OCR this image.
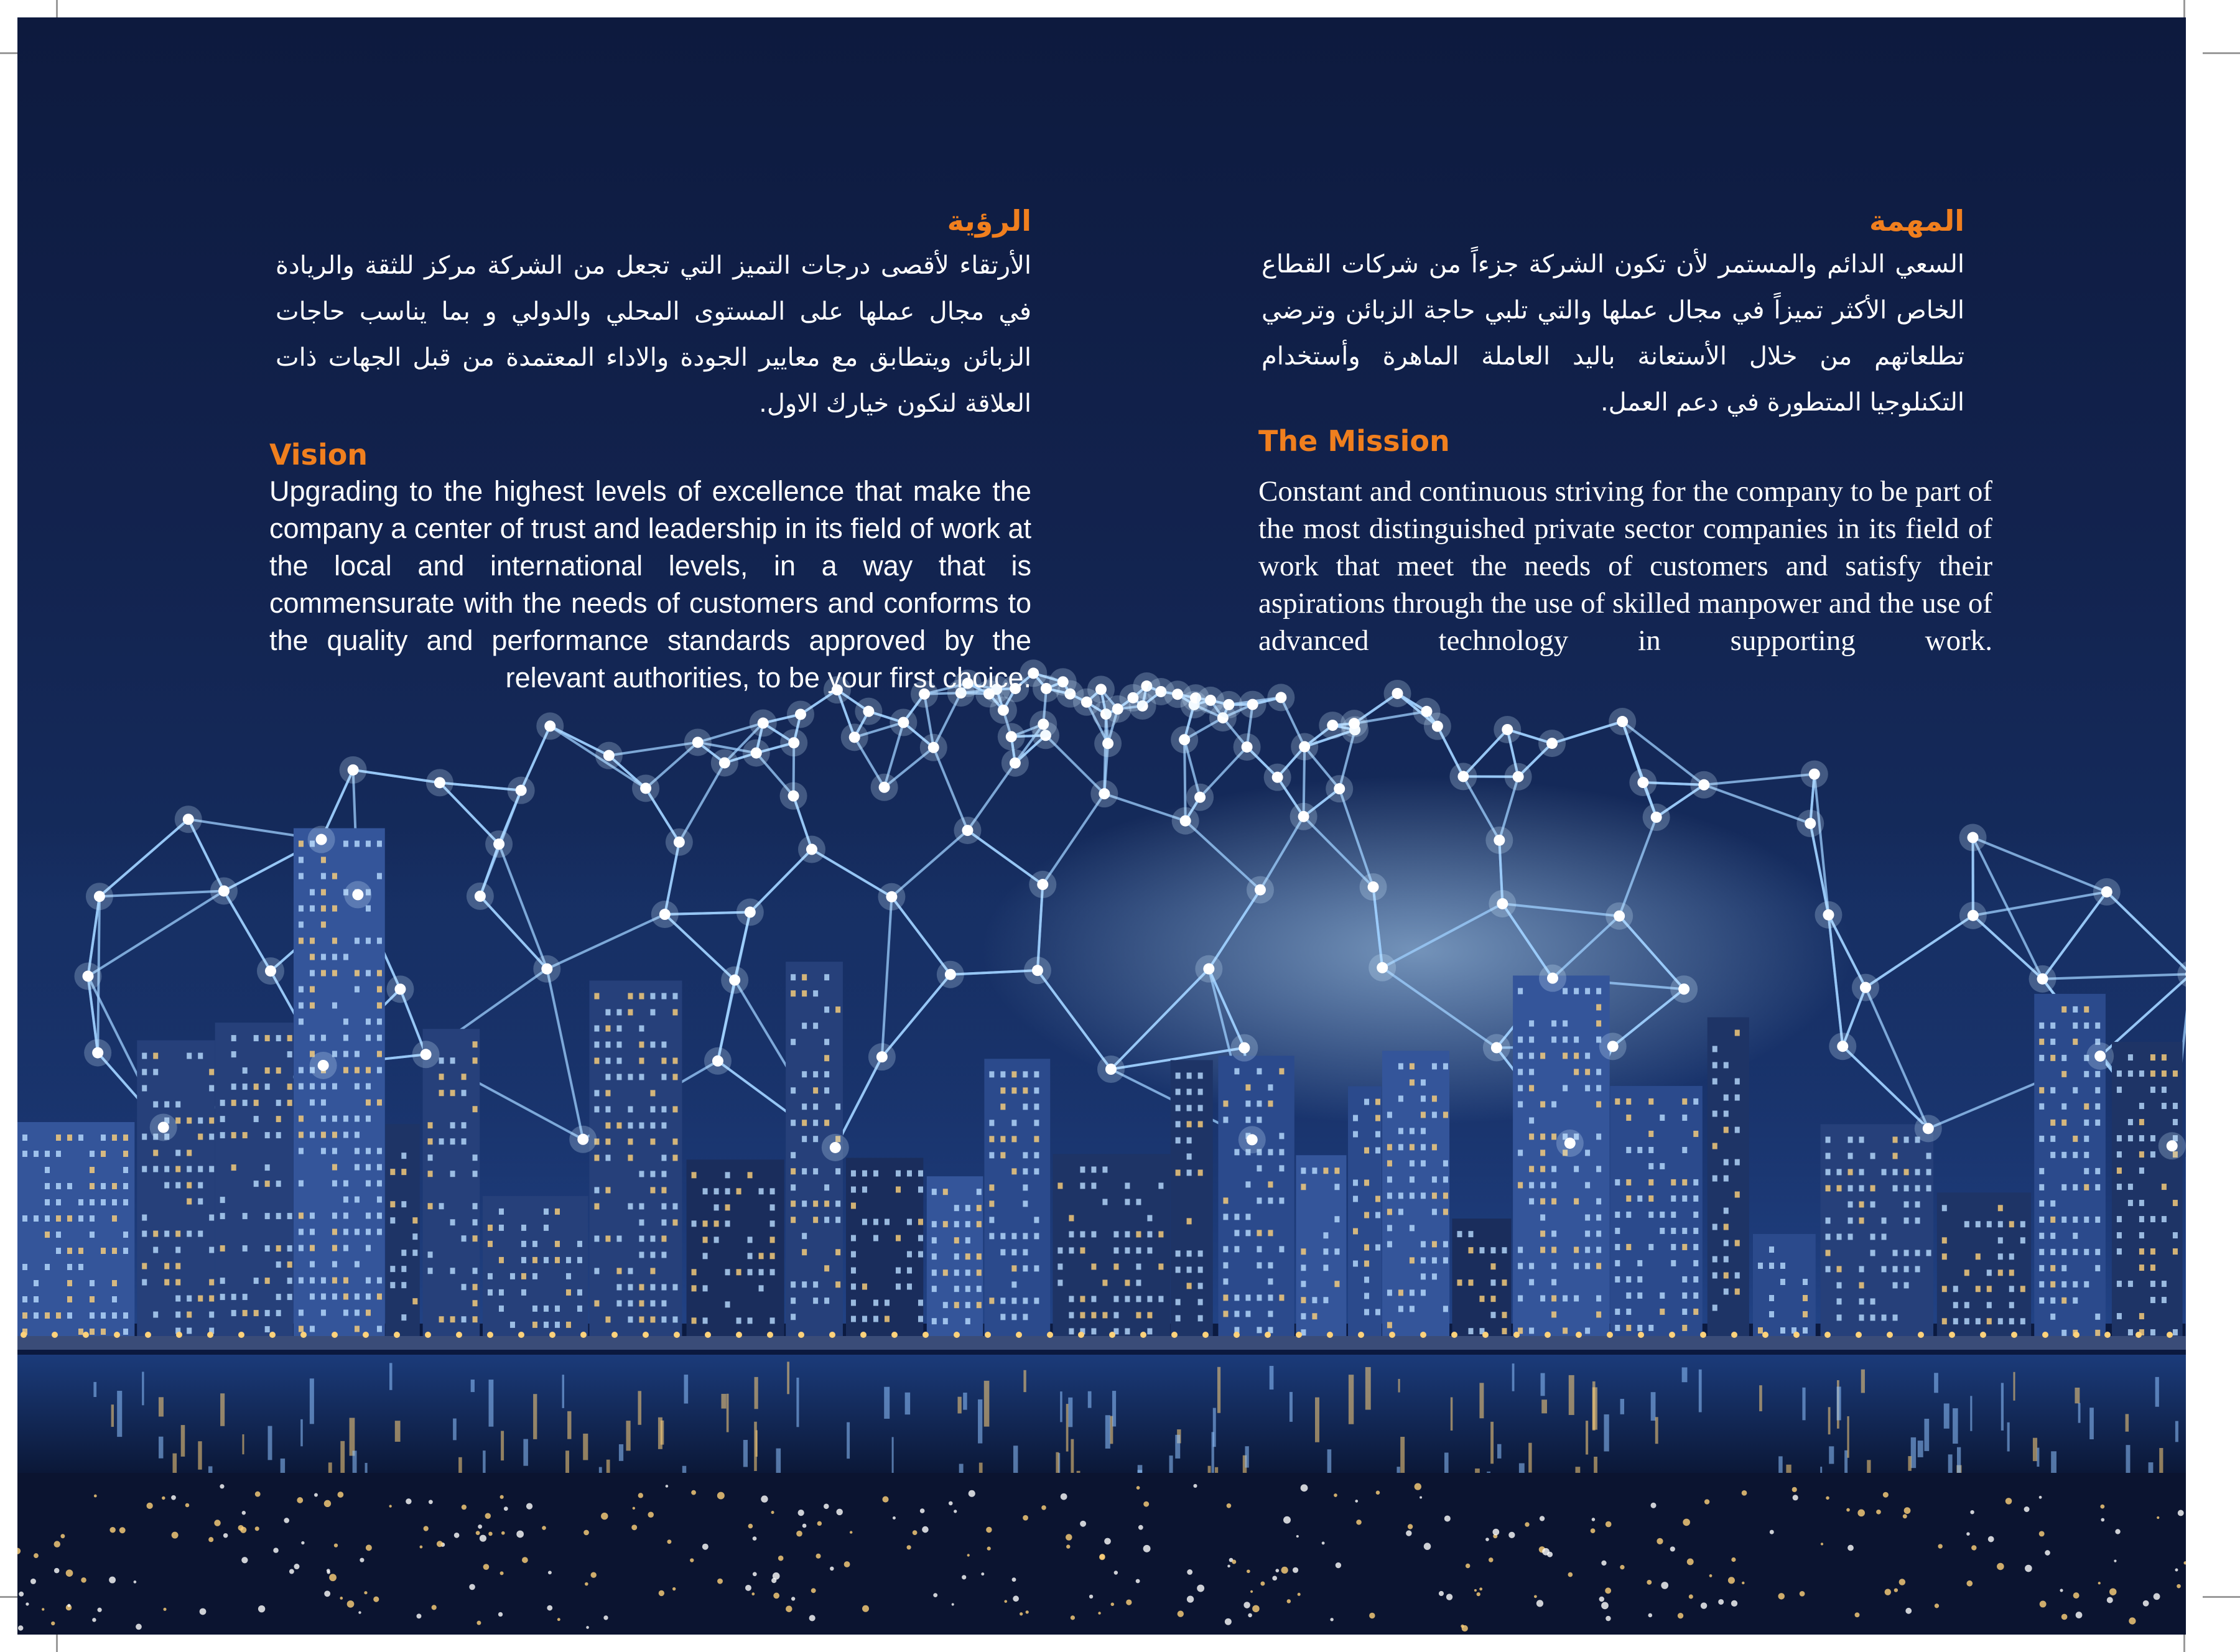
الرؤية
الأرتقاء لأقصى درجات التميز التي تجعل من الشركة مركز للثقة والريادة في مجال عملها على المستوى المحلي والدولي و بما يناسب حاجات الزبائن ويتطابق مع معايير الجودة والاداء المعتمدة من قبل الجهات ذات العلاقة لنكون خيارك الاول.
Vision
Upgrading to the highest levels of excellence that make the company a center of trust and leadership in its field of work at the local and international levels, in a way that is commensurate with the needs of customers and conforms to the quality and performance standards approved by the relevant authorities, to be your first choice.
المهمة
السعي الدائم والمستمر لأن تكون الشركة جزءاً من شركات القطاع الخاص الأكثر تميزاً في مجال عملها والتي تلبي حاجة الزبائن وترضي تطلعاتهم من خلال الأستعانة باليد العاملة الماهرة وأستخدام التكنلوجيا المتطورة في دعم العمل.
The Mission
Constant and continuous striving for the company to be part of the most distinguished private sector companies in its field of work that meet the needs of customers and satisfy their aspirations through the use of skilled manpower and the use of advanced technology in supporting work.
